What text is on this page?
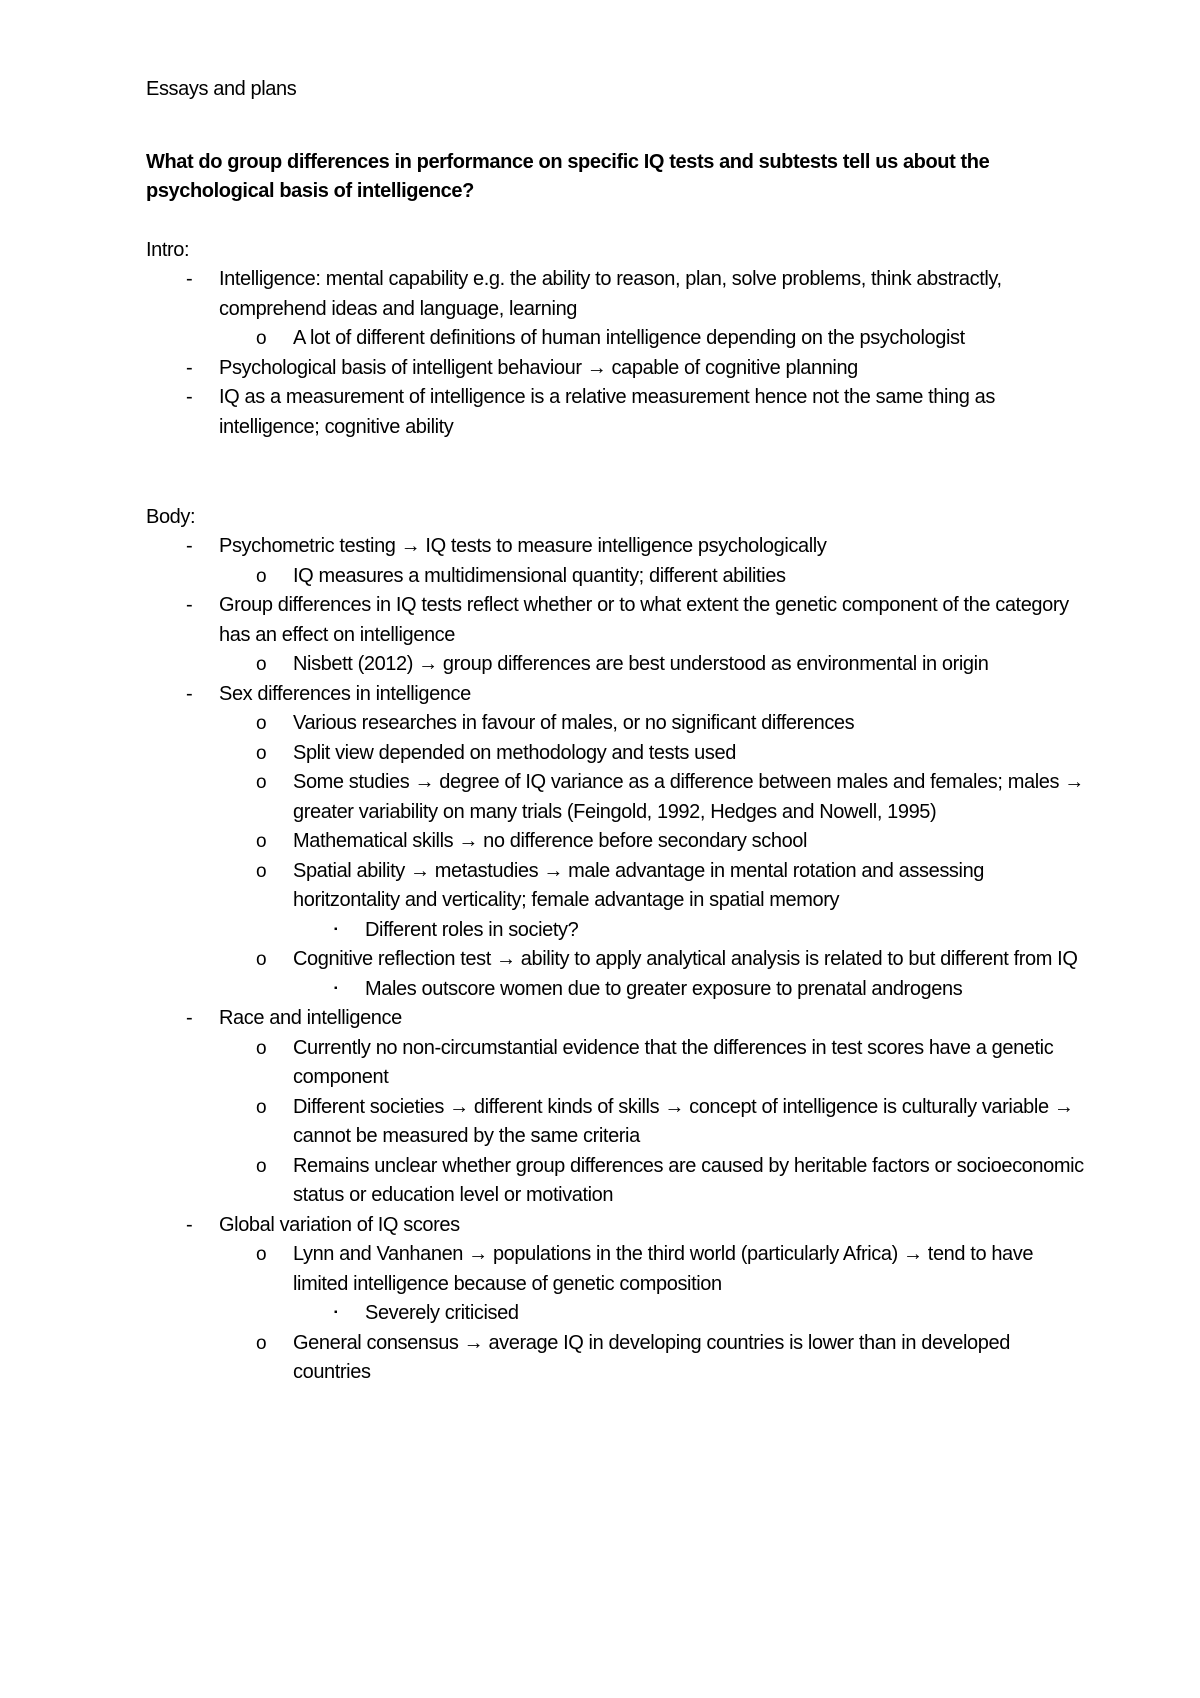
Essays and plans
What do group differences in performance on specific IQ tests and subtests tell us about the psychological basis of intelligence?
Intro:
- Intelligence: mental capability e.g. the ability to reason, plan, solve problems, think abstractly, comprehend ideas and language, learning
o A lot of different definitions of human intelligence depending on the psychologist
- Psychological basis of intelligent behaviour → capable of cognitive planning
- IQ as a measurement of intelligence is a relative measurement hence not the same thing as intelligence; cognitive ability
Body:
- Psychometric testing → IQ tests to measure intelligence psychologically
o IQ measures a multidimensional quantity; different abilities
- Group differences in IQ tests reflect whether or to what extent the genetic component of the category has an effect on intelligence
o Nisbett (2012) → group differences are best understood as environmental in origin
- Sex differences in intelligence
o Various researches in favour of males, or no significant differences
o Split view depended on methodology and tests used
o Some studies → degree of IQ variance as a difference between males and females; males → greater variability on many trials (Feingold, 1992, Hedges and Nowell, 1995)
o Mathematical skills → no difference before secondary school
o Spatial ability → metastudies → male advantage in mental rotation and assessing horitzontality and verticality; female advantage in spatial memory
▪ Different roles in society?
o Cognitive reflection test → ability to apply analytical analysis is related to but different from IQ
▪ Males outscore women due to greater exposure to prenatal androgens
- Race and intelligence
o Currently no non-circumstantial evidence that the differences in test scores have a genetic component
o Different societies → different kinds of skills → concept of intelligence is culturally variable → cannot be measured by the same criteria
o Remains unclear whether group differences are caused by heritable factors or socioeconomic status or education level or motivation
- Global variation of IQ scores
o Lynn and Vanhanen → populations in the third world (particularly Africa) → tend to have limited intelligence because of genetic composition
▪ Severely criticised
o General consensus → average IQ in developing countries is lower than in developed countries
